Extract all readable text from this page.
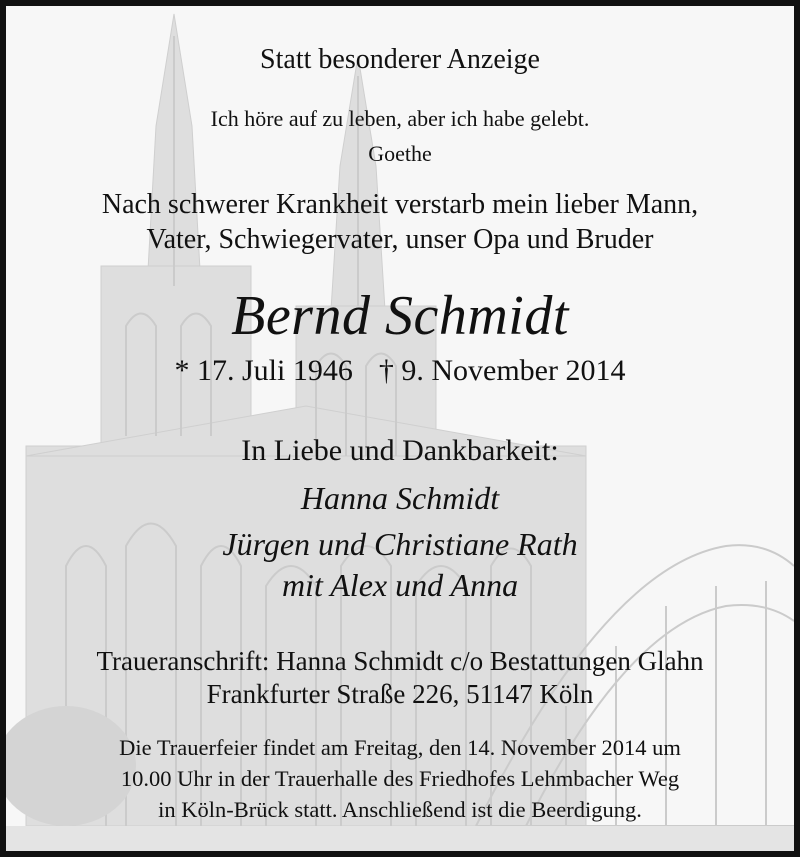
Statt besonderer Anzeige
Ich höre auf zu leben, aber ich habe gelebt.
Goethe
Nach schwerer Krankheit verstarb mein lieber Mann,
Vater, Schwiegervater, unser Opa und Bruder
Bernd Schmidt
* 17. Juli 1946 † 9. November 2014
In Liebe und Dankbarkeit:
Hanna Schmidt
Jürgen und Christiane Rath
mit Alex und Anna
Traueranschrift: Hanna Schmidt c/o Bestattungen Glahn
Frankfurter Straße 226, 51147 Köln
Die Trauerfeier findet am Freitag, den 14. November 2014 um
10.00 Uhr in der Trauerhalle des Friedhofes Lehmbacher Weg
in Köln-Brück statt. Anschließend ist die Beerdigung.
